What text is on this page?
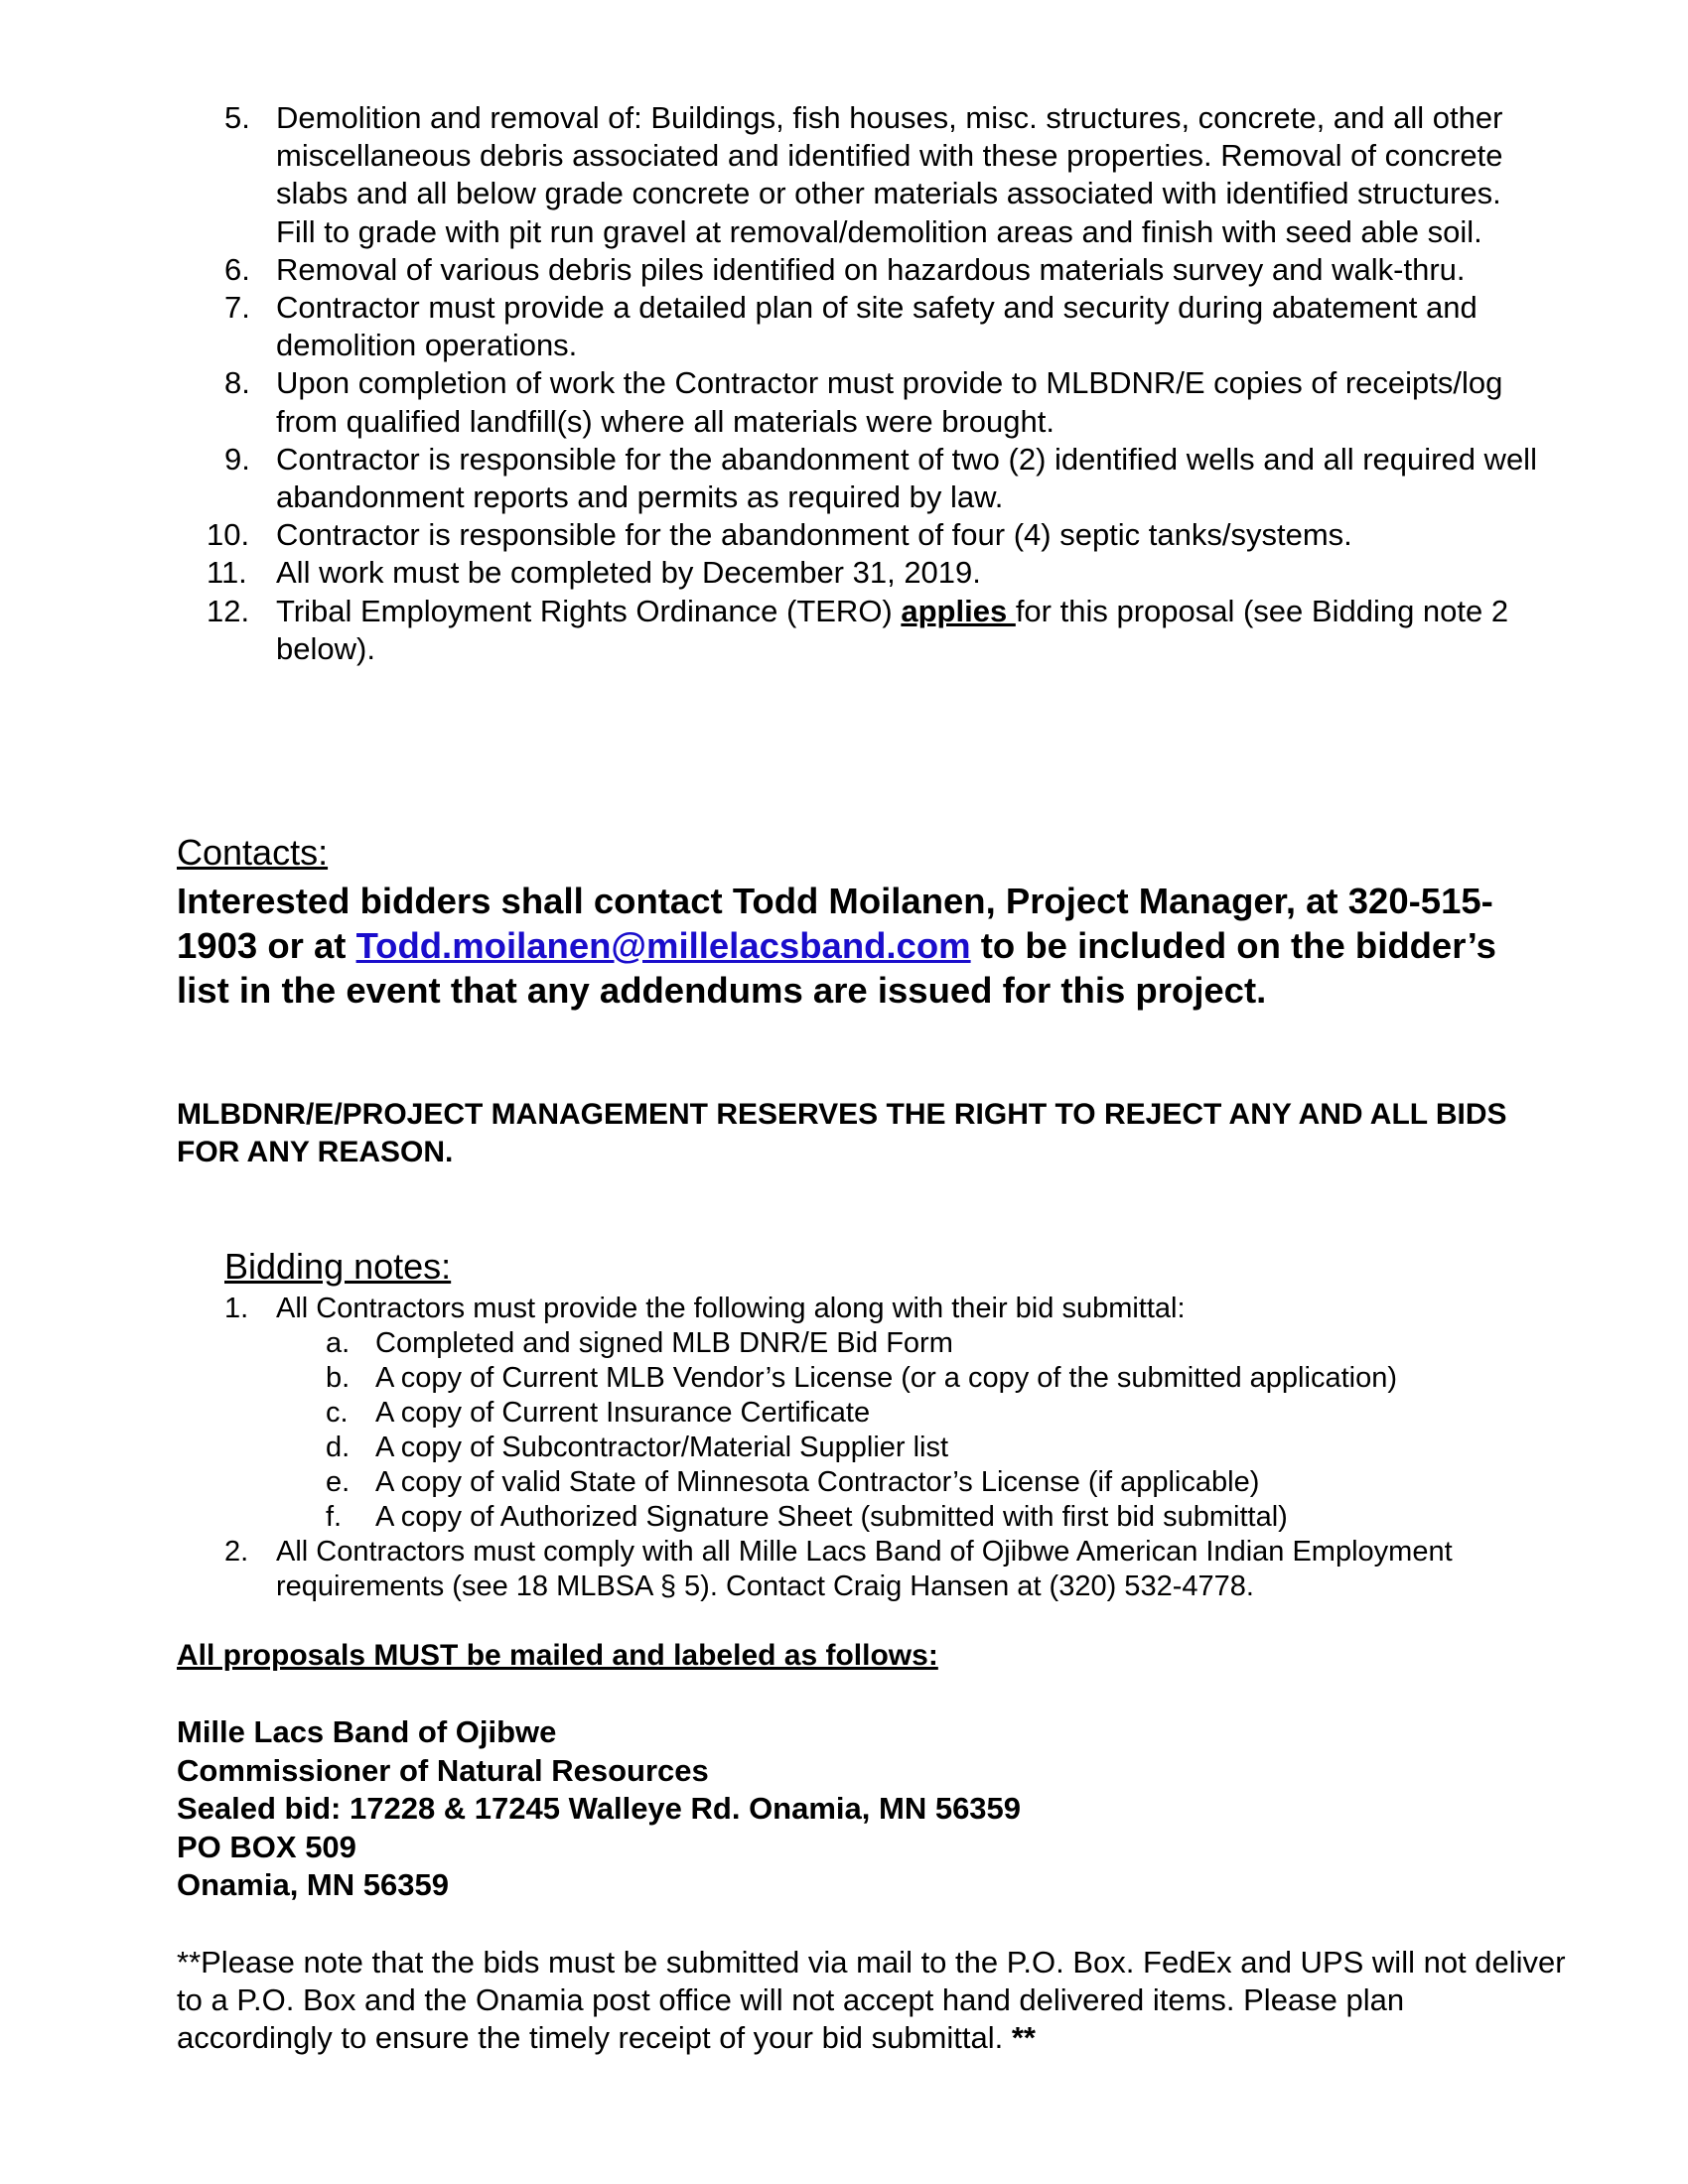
5. Demolition and removal of: Buildings, fish houses, misc. structures, concrete, and all other miscellaneous debris associated and identified with these properties. Removal of concrete slabs and all below grade concrete or other materials associated with identified structures. Fill to grade with pit run gravel at removal/demolition areas and finish with seed able soil.
6. Removal of various debris piles identified on hazardous materials survey and walk-thru.
7. Contractor must provide a detailed plan of site safety and security during abatement and demolition operations.
8. Upon completion of work the Contractor must provide to MLBDNR/E copies of receipts/log from qualified landfill(s) where all materials were brought.
9. Contractor is responsible for the abandonment of two (2) identified wells and all required well abandonment reports and permits as required by law.
10. Contractor is responsible for the abandonment of four (4) septic tanks/systems.
11. All work must be completed by December 31, 2019.
12. Tribal Employment Rights Ordinance (TERO) applies for this proposal (see Bidding note 2 below).
Contacts:
Interested bidders shall contact Todd Moilanen, Project Manager, at 320-515-1903 or at Todd.moilanen@millelacsband.com to be included on the bidder’s list in the event that any addendums are issued for this project.
MLBDNR/E/PROJECT MANAGEMENT RESERVES THE RIGHT TO REJECT ANY AND ALL BIDS FOR ANY REASON.
Bidding notes:
1. All Contractors must provide the following along with their bid submittal:
a. Completed and signed MLB DNR/E Bid Form
b. A copy of Current MLB Vendor’s License (or a copy of the submitted application)
c. A copy of Current Insurance Certificate
d. A copy of Subcontractor/Material Supplier list
e. A copy of valid State of Minnesota Contractor’s License (if applicable)
f. A copy of Authorized Signature Sheet (submitted with first bid submittal)
2. All Contractors must comply with all Mille Lacs Band of Ojibwe American Indian Employment requirements (see 18 MLBSA § 5). Contact Craig Hansen at (320) 532-4778.
All proposals MUST be mailed and labeled as follows:
Mille Lacs Band of Ojibwe
Commissioner of Natural Resources
Sealed bid: 17228 & 17245 Walleye Rd. Onamia, MN 56359
PO BOX 509
Onamia, MN 56359
**Please note that the bids must be submitted via mail to the P.O. Box. FedEx and UPS will not deliver to a P.O. Box and the Onamia post office will not accept hand delivered items. Please plan accordingly to ensure the timely receipt of your bid submittal. **
